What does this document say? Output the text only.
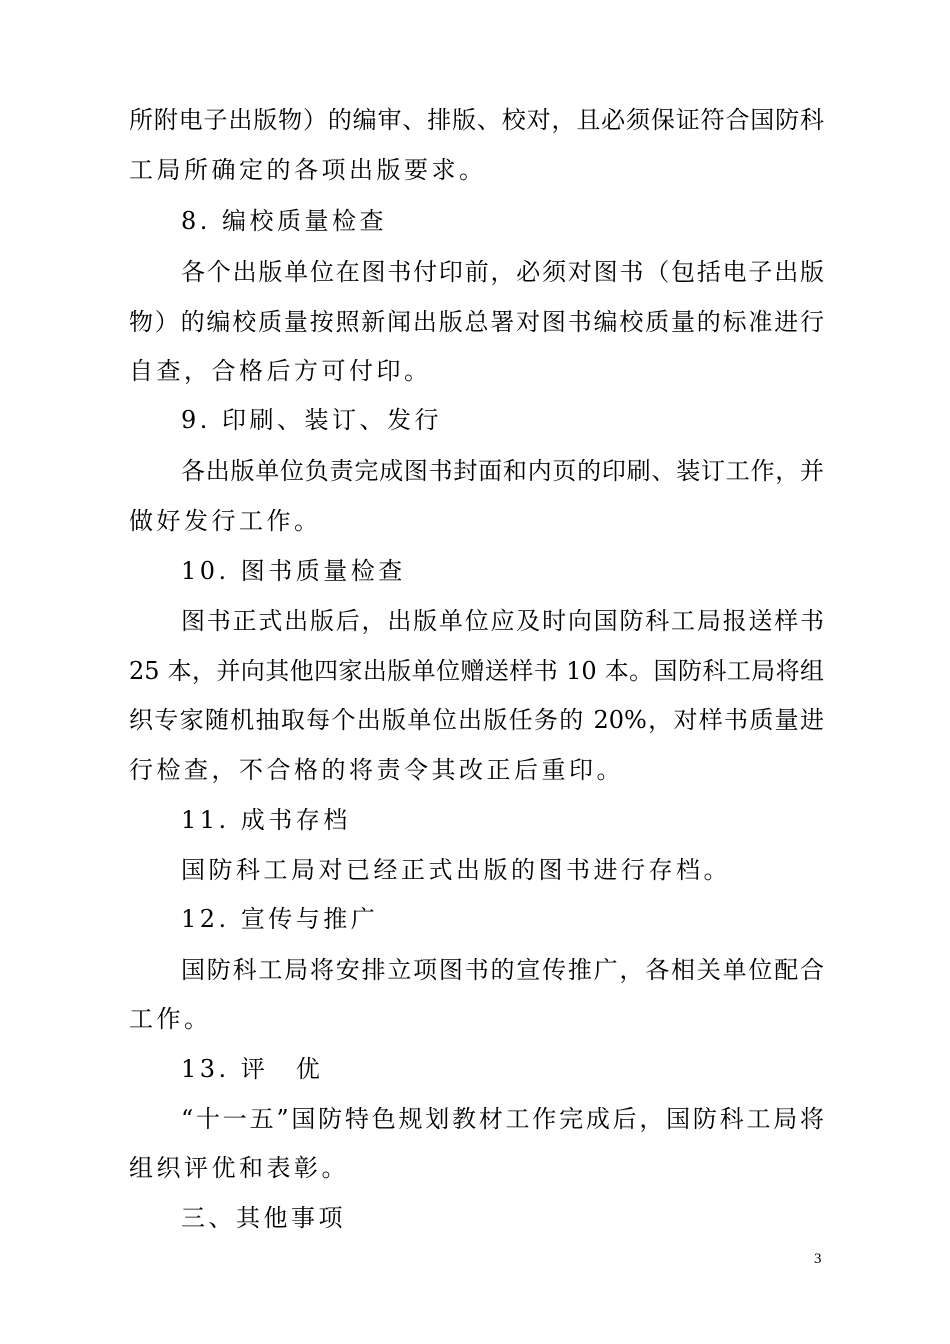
所附电子出版物）的编审、排版、校对，且必须保证符合国防科
工局所确定的各项出版要求。
8. 编校质量检查
各个出版单位在图书付印前，必须对图书（包括电子出版
物）的编校质量按照新闻出版总署对图书编校质量的标准进行
自查，合格后方可付印。
9. 印刷、装订、发行
各出版单位负责完成图书封面和内页的印刷、装订工作，并
做好发行工作。
10. 图书质量检查
图书正式出版后，出版单位应及时向国防科工局报送样书
25 本，并向其他四家出版单位赠送样书 10 本。国防科工局将组
织专家随机抽取每个出版单位出版任务的 20%，对样书质量进
行检查，不合格的将责令其改正后重印。
11. 成书存档
国防科工局对已经正式出版的图书进行存档。
12. 宣传与推广
国防科工局将安排立项图书的宣传推广，各相关单位配合
工作。
13. 评　优
“十一五”国防特色规划教材工作完成后，国防科工局将
组织评优和表彰。
三、其他事项
3
